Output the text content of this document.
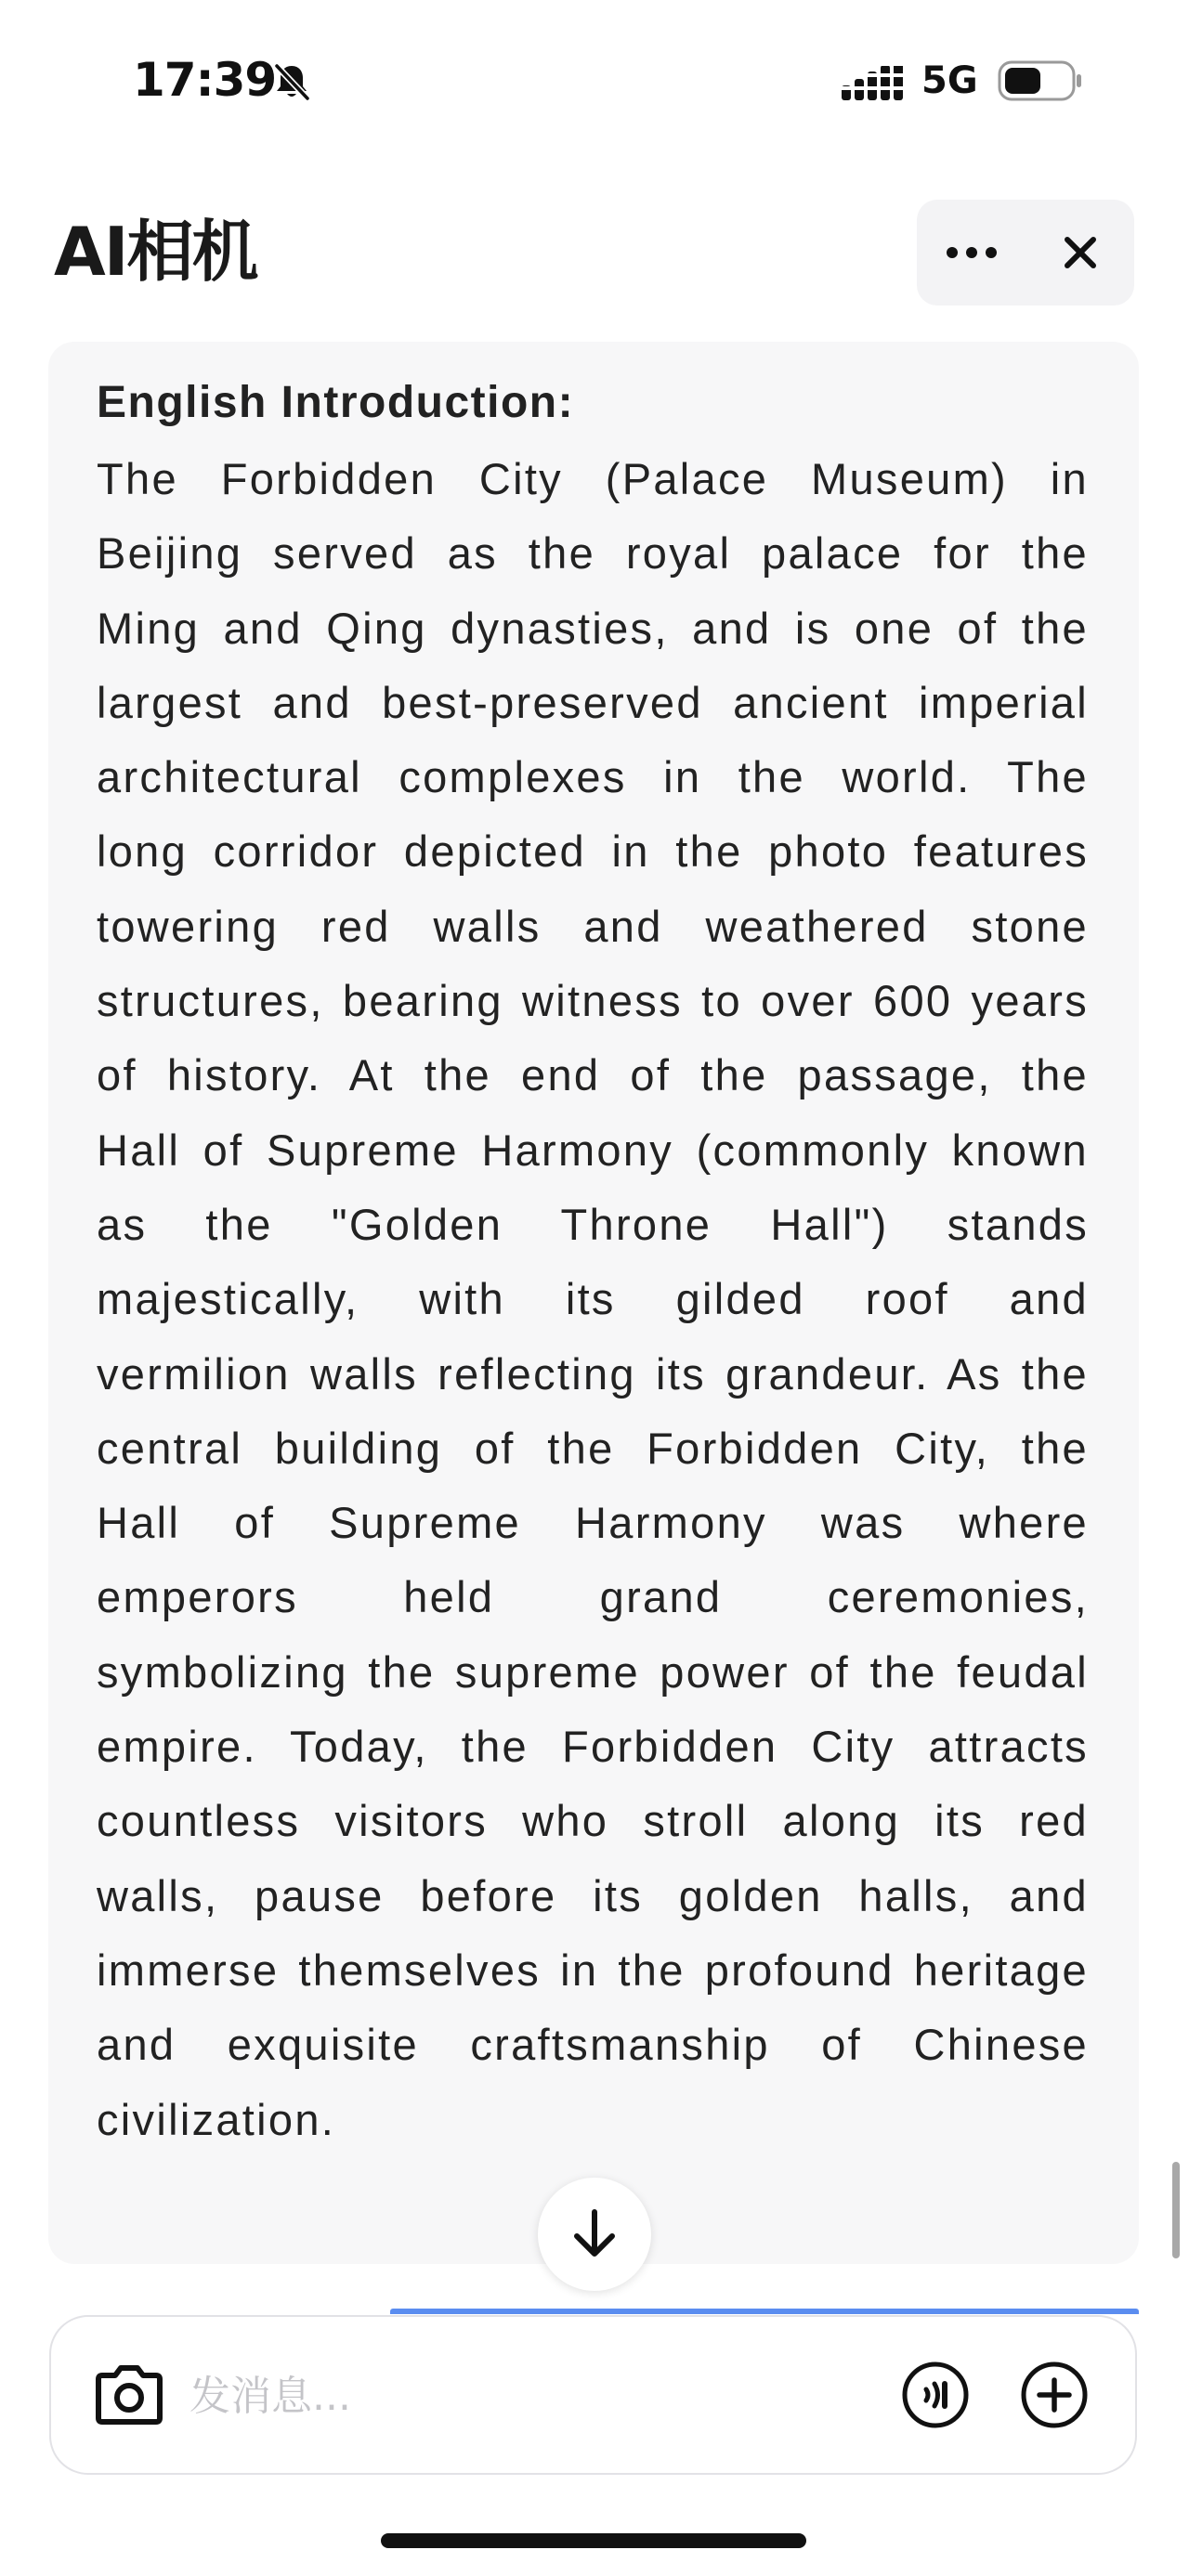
17:39	5G
AI相机
English Introduction:

The Forbidden City (Palace Museum) in Beijing served as the royal palace for the Ming and Qing dynasties, and is one of the largest and best-preserved ancient imperial architectural complexes in the world. The long corridor depicted in the photo features towering red walls and weathered stone structures, bearing witness to over 600 years of history. At the end of the passage, the Hall of Supreme Harmony (commonly known as the "Golden Throne Hall") stands majestically, with its gilded roof and vermilion walls reflecting its grandeur. As the central building of the Forbidden City, the Hall of Supreme Harmony was where emperors held grand ceremonies, symbolizing the supreme power of the feudal empire. Today, the Forbidden City attracts countless visitors who stroll along its red walls, pause before its golden halls, and immerse themselves in the profound heritage and exquisite craftsmanship of Chinese civilization.

发消息...
